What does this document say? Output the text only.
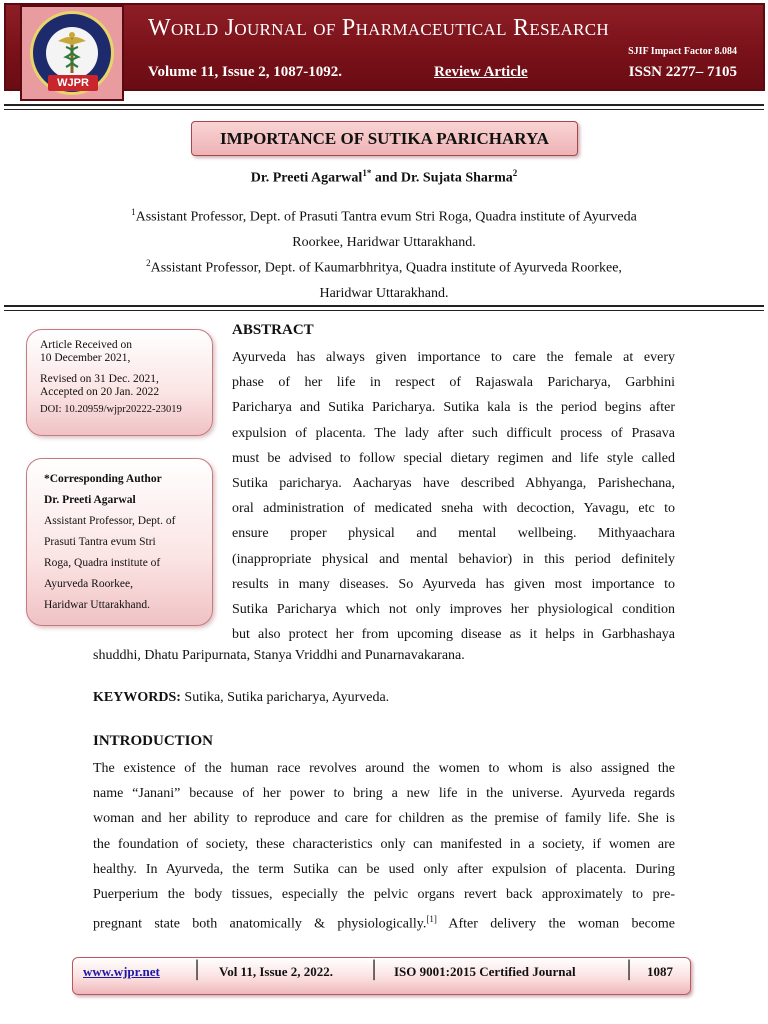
WJPR
World Journal of Pharmaceutical Research
SJIF Impact Factor 8.084
Volume 11, Issue 2, 1087-1092.	Review Article	ISSN 2277– 7105
IMPORTANCE OF SUTIKA PARICHARYA
Dr. Preeti Agarwal$^{1*}$ and Dr. Sujata Sharma$^2$
$^1$Assistant Professor, Dept. of Prasuti Tantra evum Stri Roga, Quadra institute of Ayurveda
Roorkee, Haridwar Uttarakhand.
$^2$Assistant Professor, Dept. of Kaumarbhritya, Quadra institute of Ayurveda Roorkee,
Haridwar Uttarakhand.
Article Received on
10 December 2021,
Revised on 31 Dec. 2021,
Accepted on 20 Jan. 2022
DOI: 10.20959/wjpr20222-23019
*Corresponding Author
Dr. Preeti Agarwal
Assistant Professor, Dept. of
Prasuti Tantra evum Stri
Roga, Quadra institute of
Ayurveda Roorkee,
Haridwar Uttarakhand.
ABSTRACT
Ayurveda has always given importance to care the female at every
phase of her life in respect of Rajaswala Paricharya, Garbhini
Paricharya and Sutika Paricharya. Sutika kala is the period begins after
expulsion of placenta. The lady after such difficult process of Prasava
must be advised to follow special dietary regimen and life style called
Sutika paricharya. Aacharyas have described Abhyanga, Parishechana,
oral administration of medicated sneha with decoction, Yavagu, etc to
ensure proper physical and mental wellbeing. Mithyaachara
(inappropriate physical and mental behavior) in this period definitely
results in many diseases. So Ayurveda has given most importance to
Sutika Paricharya which not only improves her physiological condition
but also protect her from upcoming disease as it helps in Garbhashaya
shuddhi, Dhatu Paripurnata, Stanya Vriddhi and Punarnavakarana.
KEYWORDS: Sutika, Sutika paricharya, Ayurveda.
INTRODUCTION
The existence of the human race revolves around the women to whom is also assigned the
name “Janani” because of her power to bring a new life in the universe. Ayurveda regards
woman and her ability to reproduce and care for children as the premise of family life. She is
the foundation of society, these characteristics only can manifested in a society, if women are
healthy. In Ayurveda, the term Sutika can be used only after expulsion of placenta. During
Puerperium the body tissues, especially the pelvic organs revert back approximately to pre-
pregnant state both anatomically & physiologically.[1] After delivery the woman become
www.wjpr.net │ Vol 11, Issue 2, 2022. │ ISO 9001:2015 Certified Journal	│ 1087
